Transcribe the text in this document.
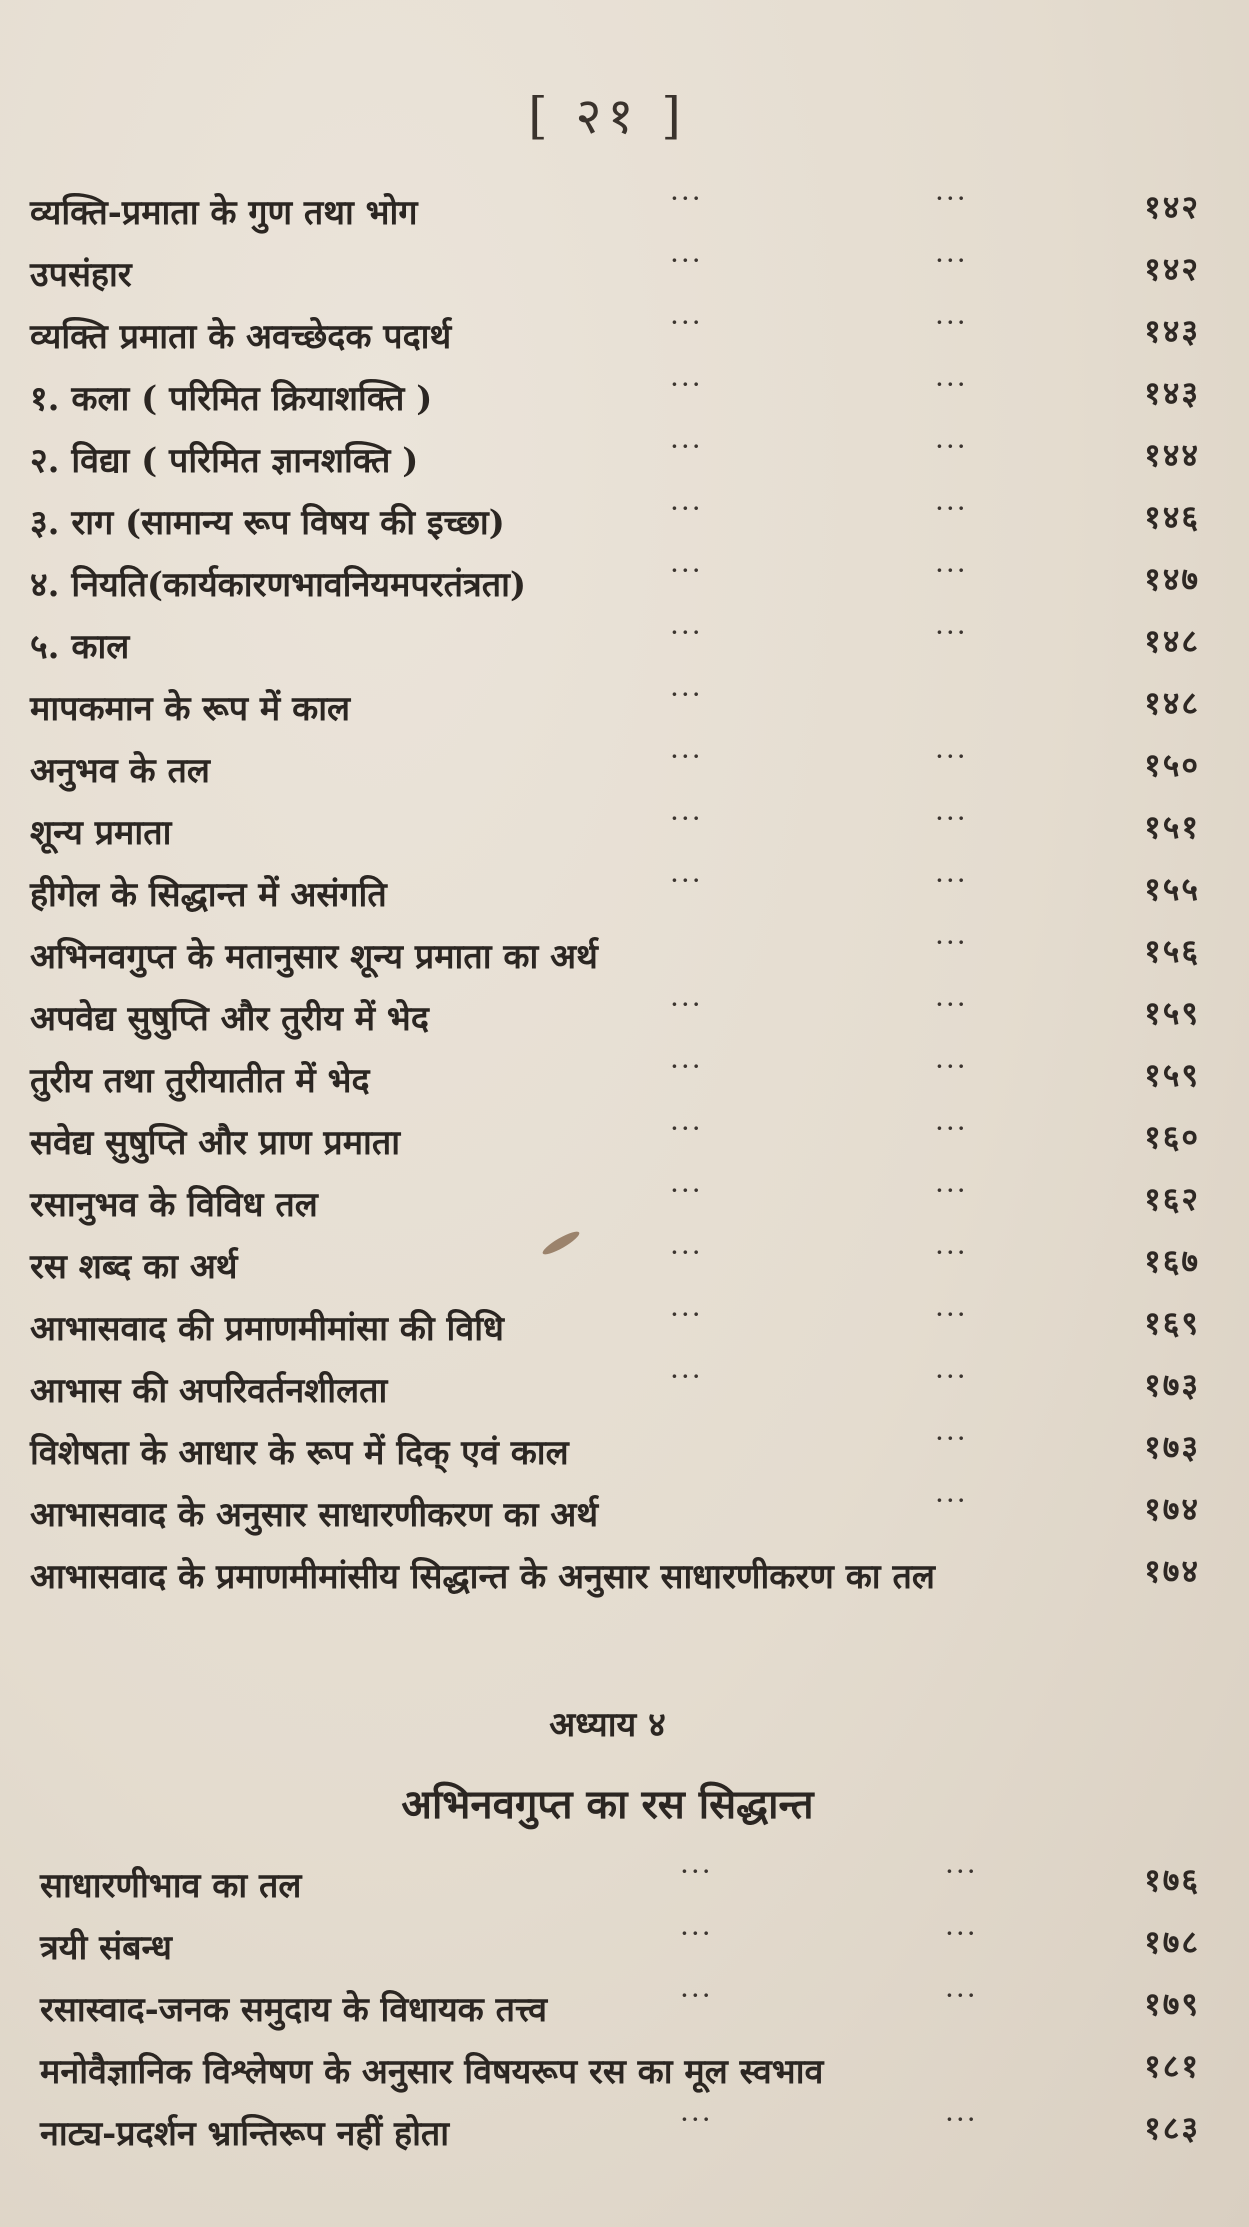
[ २१ ]
व्यक्ति-प्रमाता के गुण तथा भोग	···	···	१४२
उपसंहार	···	···	१४२
व्यक्ति प्रमाता के अवच्छेदक पदार्थ	···	···	१४३
१. कला ( परिमित क्रियाशक्ति )	···	···	१४३
२. विद्या ( परिमित ज्ञानशक्ति )	···	···	१४४
३. राग (सामान्य रूप विषय की इच्छा)	···	···	१४६
४. नियति(कार्यकारणभावनियमपरतंत्रता)	···	···	१४७
५. काल	···	···	१४८
मापकमान के रूप में काल	···	१४८
अनुभव के तल	···	···	१५०
शून्य प्रमाता	···	···	१५१
हीगेल के सिद्धान्त में असंगति	···	···	१५५
अभिनवगुप्त के मतानुसार शून्य प्रमाता का अर्थ	···	१५६
अपवेद्य सुषुप्ति और तुरीय में भेद	···	···	१५९
तुरीय तथा तुरीयातीत में भेद	···	···	१५९
सवेद्य सुषुप्ति और प्राण प्रमाता	···	···	१६०
रसानुभव के विविध तल	···	···	१६२
रस शब्द का अर्थ	···	···	१६७
आभासवाद की प्रमाणमीमांसा की विधि	···	···	१६९
आभास की अपरिवर्तनशीलता	···	···	१७३
विशेषता के आधार के रूप में दिक् एवं काल	···	१७३
आभासवाद के अनुसार साधारणीकरण का अर्थ	···	१७४
आभासवाद के प्रमाणमीमांसीय सिद्धान्त के अनुसार साधारणीकरण का तल	१७४
अध्याय ४
अभिनवगुप्त का रस सिद्धान्त
साधारणीभाव का तल	···	···	१७६
त्रयी संबन्ध	···	···	१७८
रसास्वाद-जनक समुदाय के विधायक तत्त्व	···	···	१७९
मनोवैज्ञानिक विश्लेषण के अनुसार विषयरूप रस का मूल स्वभाव	१८१
नाट्य-प्रदर्शन भ्रान्तिरूप नहीं होता	···	···	१८३
